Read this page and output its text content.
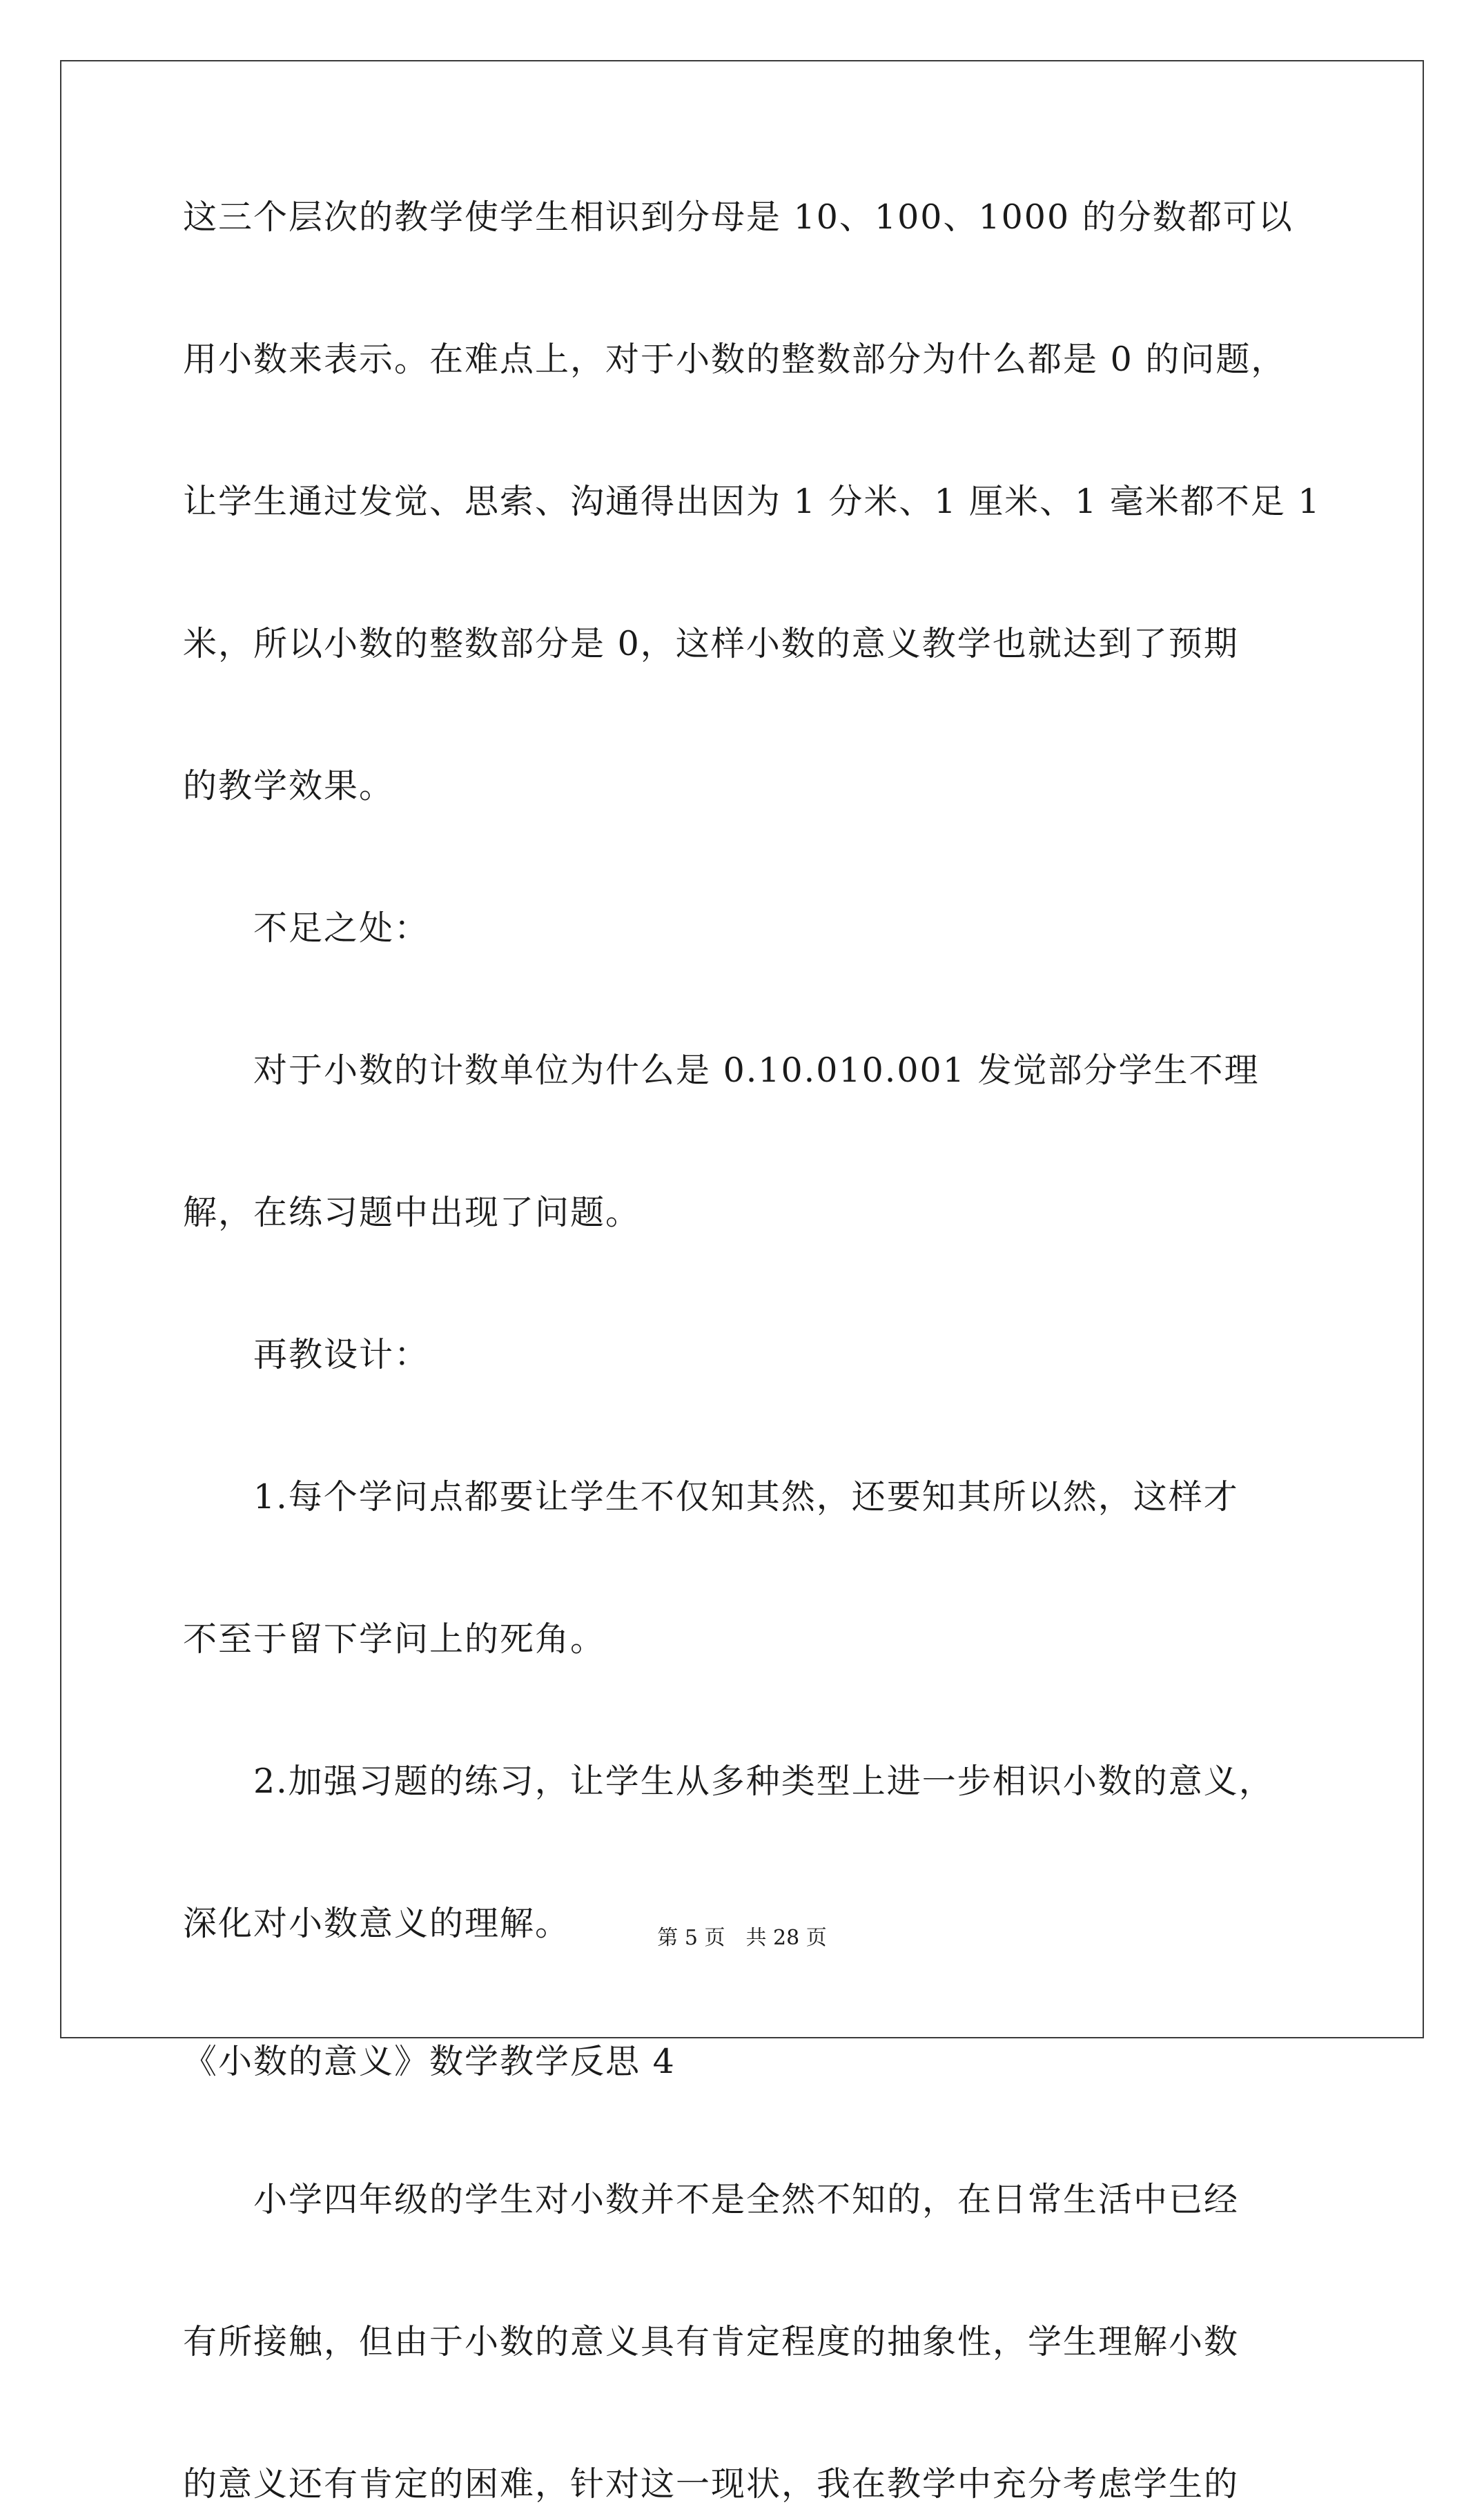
这三个层次的教学使学生相识到分母是 10、100、1000 的分数都可以
用小数来表示。在难点上，对于小数的整数部分为什么都是 0 的问题，
让学生通过发觉、思索、沟通得出因为 1 分米、1 厘米、1 毫米都不足 1
米，所以小数的整数部分是 0，这样小数的意义教学也就达到了预期
的教学效果。
　　不足之处：
　　对于小数的计数单位为什么是 0.10.010.001 发觉部分学生不理
解，在练习题中出现了问题。
　　再教设计：
　　1.每个学问点都要让学生不仅知其然，还要知其所以然，这样才
不至于留下学问上的死角。
　　2.加强习题的练习，让学生从多种类型上进一步相识小数的意义，
深化对小数意义的理解。
《小数的意义》数学教学反思 4
　　小学四年级的学生对小数并不是全然不知的，在日常生活中已经
有所接触，但由于小数的意义具有肯定程度的抽象性，学生理解小数
的意义还有肯定的困难，针对这一现状，我在教学中充分考虑学生的
第 5 页　共 28 页
